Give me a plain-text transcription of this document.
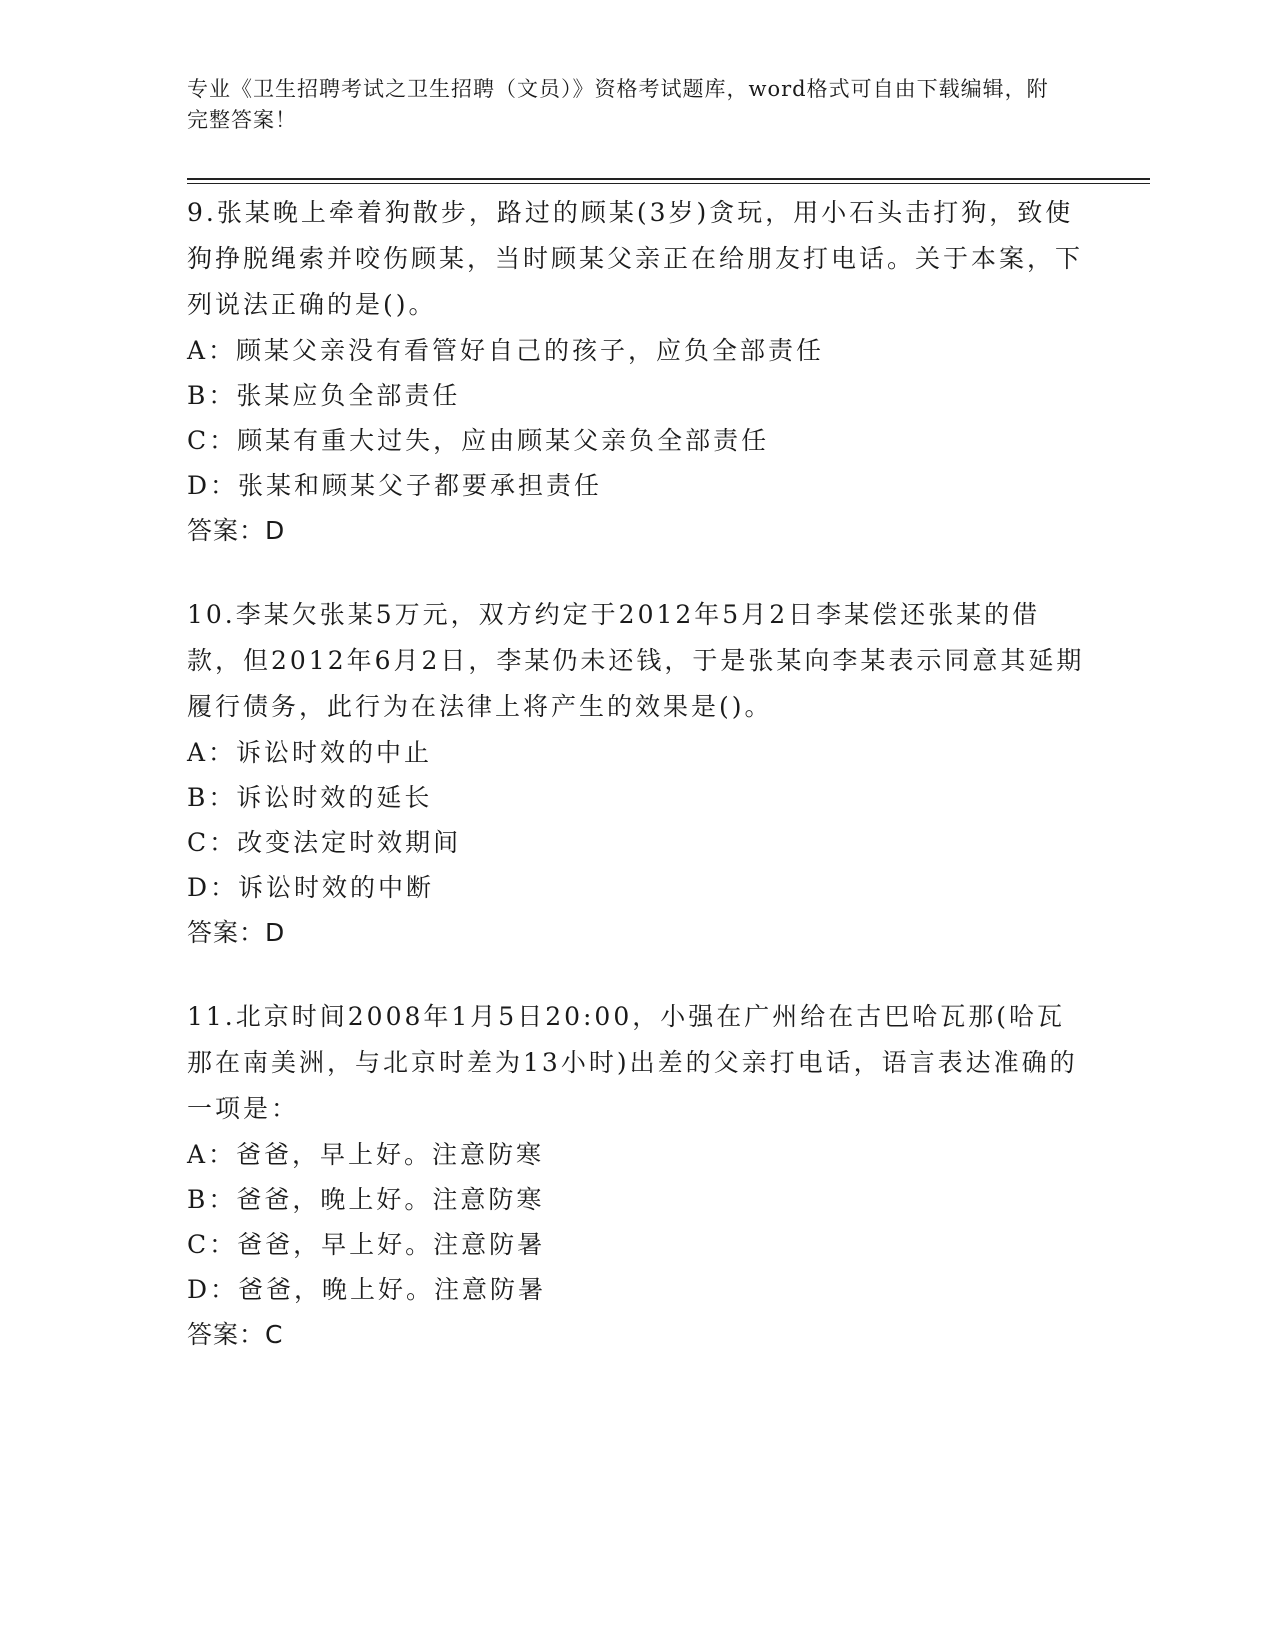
专业《卫生招聘考试之卫生招聘（文员）》资格考试题库，word格式可自由下载编辑，附完整答案！
9.张某晚上牵着狗散步，路过的顾某(3岁)贪玩，用小石头击打狗，致使狗挣脱绳索并咬伤顾某，当时顾某父亲正在给朋友打电话。关于本案，下列说法正确的是()。
A：顾某父亲没有看管好自己的孩子，应负全部责任
B：张某应负全部责任
C：顾某有重大过失，应由顾某父亲负全部责任
D：张某和顾某父子都要承担责任
答案：D
10.李某欠张某5万元，双方约定于2012年5月2日李某偿还张某的借款，但2012年6月2日，李某仍未还钱，于是张某向李某表示同意其延期履行债务，此行为在法律上将产生的效果是()。
A：诉讼时效的中止
B：诉讼时效的延长
C：改变法定时效期间
D：诉讼时效的中断
答案：D
11.北京时间2008年1月5日20:00，小强在广州给在古巴哈瓦那(哈瓦那在南美洲，与北京时差为13小时)出差的父亲打电话，语言表达准确的一项是：
A：爸爸，早上好。注意防寒
B：爸爸，晚上好。注意防寒
C：爸爸，早上好。注意防暑
D：爸爸，晚上好。注意防暑
答案：C
